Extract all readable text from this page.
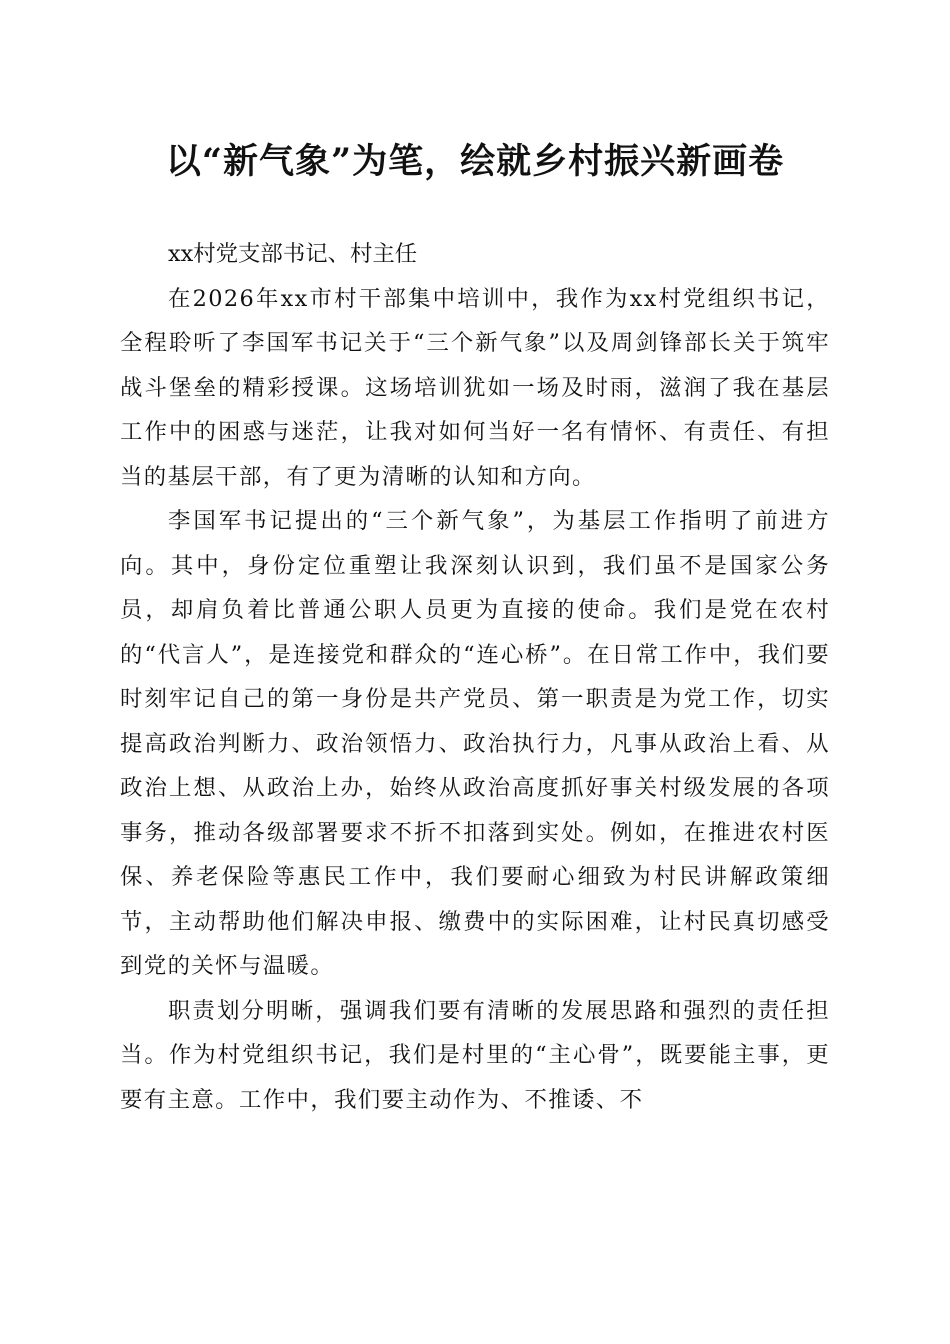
以“新气象”为笔，绘就乡村振兴新画卷

xx村党支部书记、村主任

在2026年xx市村干部集中培训中，我作为xx村党组织书记，全程聆听了李国军书记关于“三个新气象”以及周剑锋部长关于筑牢战斗堡垒的精彩授课。这场培训犹如一场及时雨，滋润了我在基层工作中的困惑与迷茫，让我对如何当好一名有情怀、有责任、有担当的基层干部，有了更为清晰的认知和方向。

李国军书记提出的“三个新气象”，为基层工作指明了前进方向。其中，身份定位重塑让我深刻认识到，我们虽不是国家公务员，却肩负着比普通公职人员更为直接的使命。我们是党在农村的“代言人”，是连接党和群众的“连心桥”。在日常工作中，我们要时刻牢记自己的第一身份是共产党员、第一职责是为党工作，切实提高政治判断力、政治领悟力、政治执行力，凡事从政治上看、从政治上想、从政治上办，始终从政治高度抓好事关村级发展的各项事务，推动各级部署要求不折不扣落到实处。例如，在推进农村医保、养老保险等惠民工作中，我们要耐心细致为村民讲解政策细节，主动帮助他们解决申报、缴费中的实际困难，让村民真切感受到党的关怀与温暖。

职责划分明晰，强调我们要有清晰的发展思路和强烈的责任担当。作为村党组织书记，我们是村里的“主心骨”，既要能主事，更要有主意。工作中，我们要主动作为、不推诿、不
